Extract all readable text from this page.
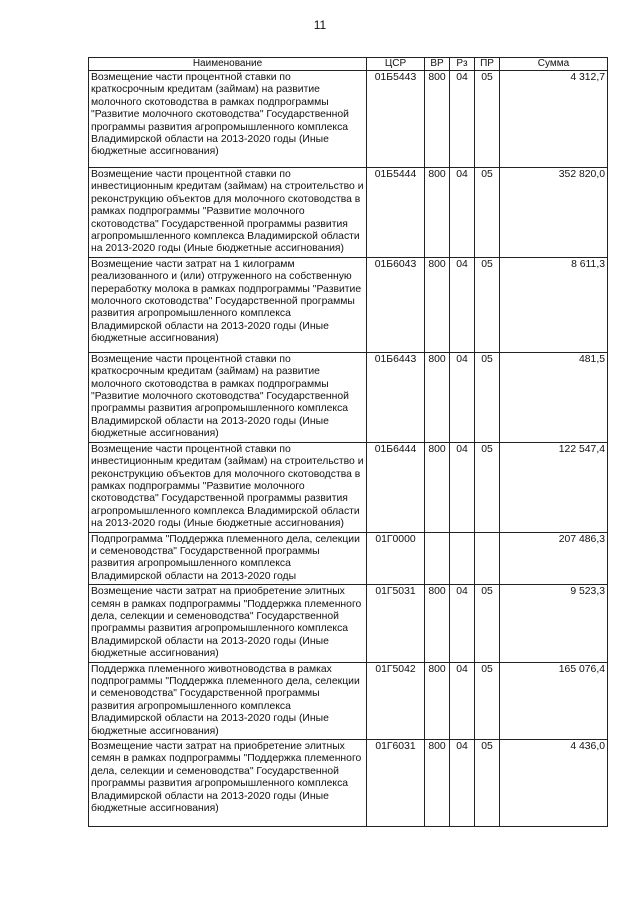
11
Наименование	ЦСР	ВР	Рз	ПР	Сумма
Возмещение части процентной ставки по краткосрочным кредитам (займам) на развитие молочного скотоводства в рамках подпрограммы "Развитие молочного скотоводства" Государственной программы развития агропромышленного комплекса Владимирской области на 2013-2020 годы (Иные бюджетные ассигнования)	01Б5443	800	04	05	4 312,7
Возмещение части процентной ставки по инвестиционным кредитам (займам) на строительство и реконструкцию объектов для молочного скотоводства в рамках подпрограммы "Развитие молочного скотоводства" Государственной программы развития агропромышленного комплекса Владимирской области на 2013-2020 годы (Иные бюджетные ассигнования)	01Б5444	800	04	05	352 820,0
Возмещение части затрат на 1 килограмм реализованного и (или) отгруженного на собственную переработку молока в рамках подпрограммы "Развитие молочного скотоводства" Государственной программы развития агропромышленного комплекса Владимирской области на 2013-2020 годы (Иные бюджетные ассигнования)	01Б6043	800	04	05	8 611,3
Возмещение части процентной ставки по краткосрочным кредитам (займам) на развитие молочного скотоводства в рамках подпрограммы "Развитие молочного скотоводства" Государственной программы развития агропромышленного комплекса Владимирской области на 2013-2020 годы (Иные бюджетные ассигнования)	01Б6443	800	04	05	481,5
Возмещение части процентной ставки по инвестиционным кредитам (займам) на строительство и реконструкцию объектов для молочного скотоводства в рамках подпрограммы "Развитие молочного скотоводства" Государственной программы развития агропромышленного комплекса Владимирской области на 2013-2020 годы (Иные бюджетные ассигнования)	01Б6444	800	04	05	122 547,4
Подпрограмма "Поддержка племенного дела, селекции и семеноводства" Государственной программы развития агропромышленного комплекса Владимирской области на 2013-2020 годы	01Г0000				207 486,3
Возмещение части затрат на приобретение элитных семян в рамках подпрограммы "Поддержка племенного дела, селекции и семеноводства" Государственной программы развития агропромышленного комплекса Владимирской области на 2013-2020 годы (Иные бюджетные ассигнования)	01Г5031	800	04	05	9 523,3
Поддержка племенного животноводства в рамках подпрограммы "Поддержка племенного дела, селекции и семеноводства" Государственной программы развития агропромышленного комплекса Владимирской области на 2013-2020 годы (Иные бюджетные ассигнования)	01Г5042	800	04	05	165 076,4
Возмещение части затрат на приобретение элитных семян в рамках подпрограммы "Поддержка племенного дела, селекции и семеноводства" Государственной программы развития агропромышленного комплекса Владимирской области на 2013-2020 годы (Иные бюджетные ассигнования)	01Г6031	800	04	05	4 436,0
